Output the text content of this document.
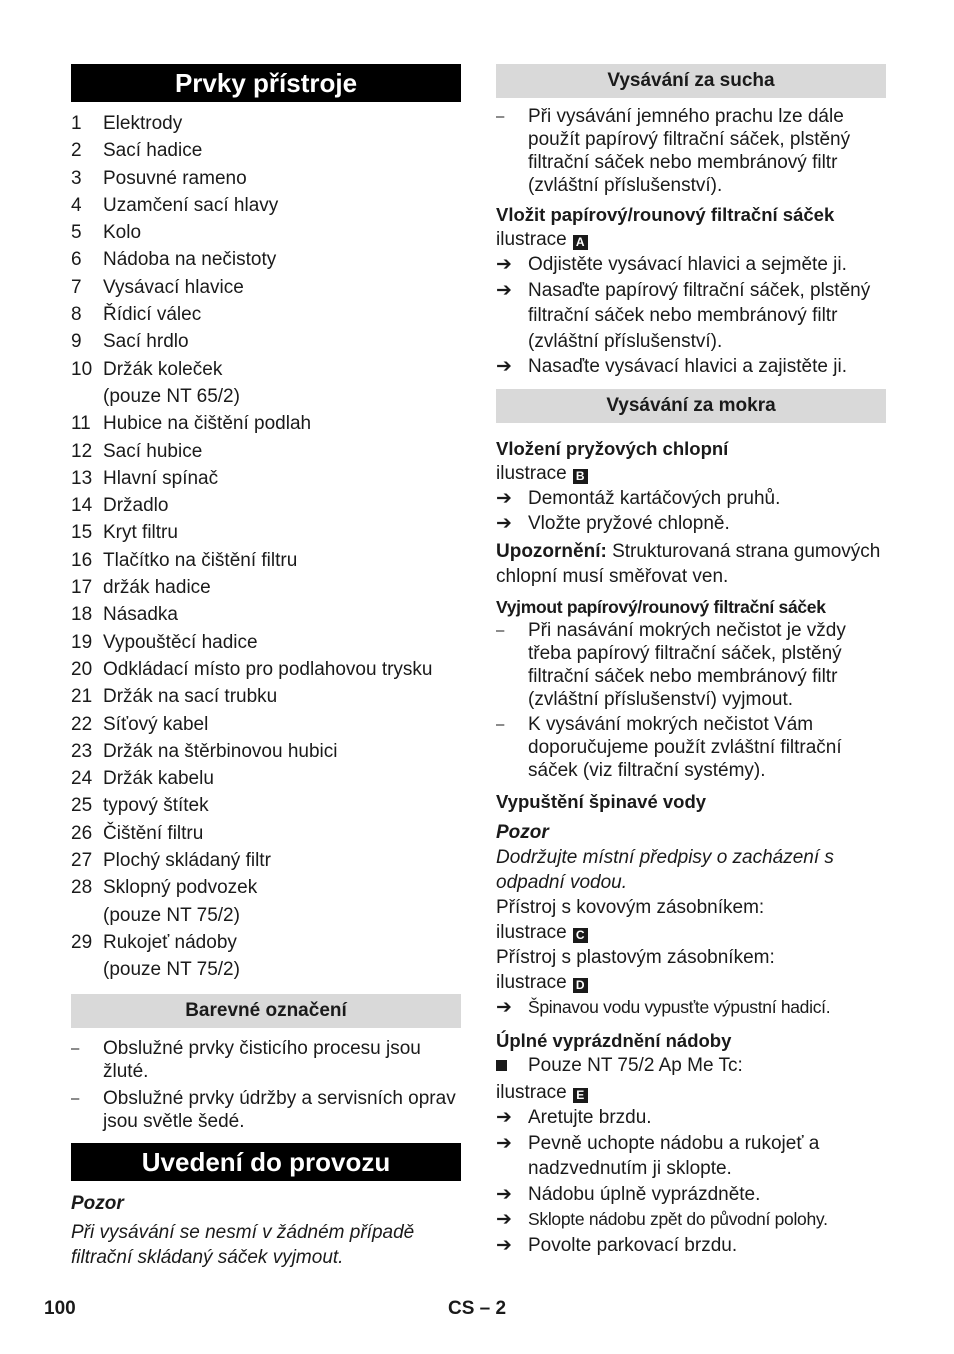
Prvky přístroje
1	Elektrody
2	Sací hadice
3	Posuvné rameno
4	Uzamčení sací hlavy
5	Kolo
6	Nádoba na nečistoty
7	Vysávací hlavice
8	Řídicí válec
9	Sací hrdlo
10 Držák koleček
(pouze NT 65/2)
11 Hubice na čištění podlah
12 Sací hubice
13 Hlavní spínač
14 Držadlo
15 Kryt filtru
16 Tlačítko na čištění filtru
17 držák hadice
18 Násadka
19 Vypouštěcí hadice
20 Odkládací místo pro podlahovou trysku
21 Držák na sací trubku
22 Síťový kabel
23 Držák na štěrbinovou hubici
24 Držák kabelu
25 typový štítek
26 Čištění filtru
27 Plochý skládaný filtr
28 Sklopný podvozek
(pouze NT 75/2)
29 Rukojeť nádoby
(pouze NT 75/2)
Barevné označení
–	Obslužné prvky čisticího procesu jsou žluté.
–	Obslužné prvky údržby a servisních oprav jsou světle šedé.
Uvedení do provozu
Pozor
Při vysávání se nesmí v žádném případě filtrační skládaný sáček vyjmout.
Vysávání za sucha
–	Při vysávání jemného prachu lze dále použít papírový filtrační sáček, plstěný filtrační sáček nebo membránový filtr (zvláštní příslušenství).
Vložit papírový/rounový filtrační sáček
ilustrace A
➔ Odjistěte vysávací hlavici a sejměte ji.
➔ Nasaďte papírový filtrační sáček, plstěný filtrační sáček nebo membránový filtr (zvláštní příslušenství).
➔ Nasaďte vysávací hlavici a zajistěte ji.
Vysávání za mokra
Vložení pryžových chlopní
ilustrace B
➔ Demontáž kartáčových pruhů.
➔ Vložte pryžové chlopně.
Upozornění: Strukturovaná strana gumových chlopní musí směřovat ven.
Vyjmout papírový/rounový filtrační sáček
–	Při nasávání mokrých nečistot je vždy třeba papírový filtrační sáček, plstěný filtrační sáček nebo membránový filtr (zvláštní příslušenství) vyjmout.
–	K vysávání mokrých nečistot Vám doporučujeme použít zvláštní filtrační sáček (viz filtrační systémy).
Vypuštění špinavé vody
Pozor
Dodržujte místní předpisy o zacházení s odpadní vodou.
Přístroj s kovovým zásobníkem:
ilustrace C
Přístroj s plastovým zásobníkem:
ilustrace D
➔ Špinavou vodu vypusťte výpustní hadicí.
Úplné vyprázdnění nádoby
Pouze NT 75/2 Ap Me Tc:
ilustrace E
➔ Aretujte brzdu.
➔ Pevně uchopte nádobu a rukojeť a nadzvednutím ji sklopte.
➔ Nádobu úplně vyprázdněte.
➔ Sklopte nádobu zpět do původní polohy.
➔ Povolte parkovací brzdu.
100	CS – 2
